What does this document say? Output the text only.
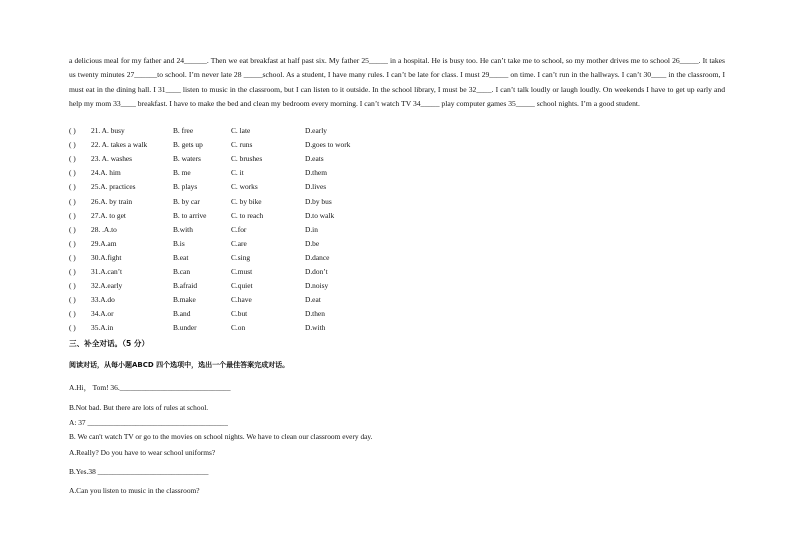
a delicious meal for my father and 24______. Then we eat breakfast at half past six. My father 25_____ in a hospital. He is busy too. He can’t take me to school, so my mother drives me to school 26_____. It takes us twenty minutes 27______to school. I’m never late 28 _____school. As a student, I have many rules. I can’t be late for class. I must 29_____ on time. I can’t run in the hallways. I can’t 30____ in the classroom, I must eat in the dining hall. I 31____ listen to music in the classroom, but I can listen to it outside. In the school library, I must be 32____. I can’t talk loudly or laugh loudly. On weekends I have to get up early and help my mom 33____ breakfast. I have to make the bed and clean my bedroom every morning. I can’t watch TV 34_____ play computer games 35_____ school nights. I’m a good student.

( ) 21. A. busy	B. free	C. late	D.early
( ) 22. A. takes a walk	B. gets up	C. runs	D.goes to work
( ) 23. A. washes	B. waters	C. brushes	D.eats
( ) 24.A. him	B. me	C. it	D.them
( ) 25.A. practices	B. plays	C. works	D.lives
( ) 26.A. by train	B. by car	C. by bike	D.by bus
( ) 27.A. to get	B. to arrive	C. to reach	D.to walk
( ) 28. .A.to	B.with	C.for	D.in
( ) 29.A.am	B.is	C.are	D.be
( ) 30.A.fight	B.eat	C.sing	D.dance
( ) 31.A.can’t	B.can	C.must	D.don’t
( ) 32.A.early	B.afraid	C.quiet	D.noisy
( ) 33.A.do	B.make	C.have	D.eat
( ) 34.A.or	B.and	C.but	D.then
( ) 35.A.in	B.under	C.on	D.with
三、补全对话。（5 分）
阅读对话，从每小题ABCD 四个选项中，选出一个最佳答案完成对话。
A.Hi， Tom! 36.______________________________
B.Not bad. But there are lots of rules at school.
A: 37 ______________________________________
B. We can't watch TV or go to the movies on school nights. We have to clean our classroom every day.
A.Really? Do you have to wear school uniforms?
B.Yes.38 ______________________________
A.Can you listen to music in the classroom?
